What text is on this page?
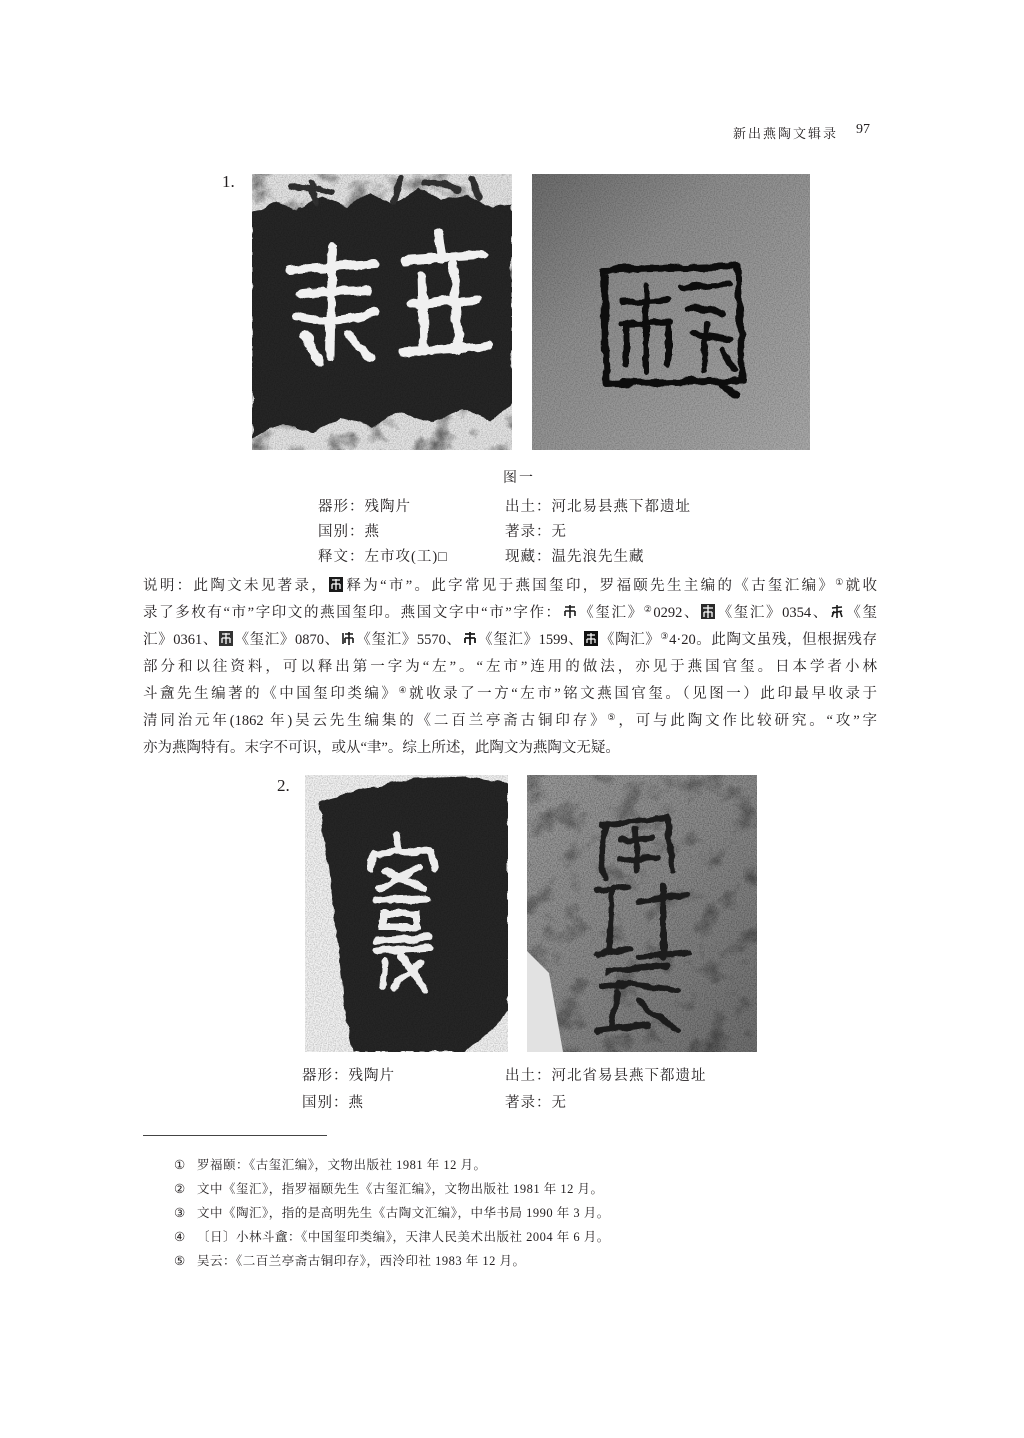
新出燕陶文辑录 97
1.
图一
器形：残陶片	出土：河北易县燕下都遗址
国别：燕	著录：无
释文：左市攻(工)□	现藏：温先浪先生藏
说明：此陶文未见著录， 释为“市”。此字常见于燕国玺印，罗福颐先生主编的《古玺汇编》①就收
录了多枚有“市”字印文的燕国玺印。燕国文字中“市”字作： 《玺汇》②0292、 《玺汇》0354、 《玺
汇》0361、 《玺汇》0870、 《玺汇》5570、 《玺汇》1599、 《陶汇》③4·20。此陶文虽残，但根据残存
部分和以往资料，可以释出第一字为“左”。“左市”连用的做法，亦见于燕国官玺。日本学者小林
斗盦先生编著的《中国玺印类编》④就收录了一方“左市”铭文燕国官玺。（见图一）此印最早收录于
清同治元年(1862 年)吴云先生编集的《二百兰亭斋古铜印存》⑤，可与此陶文作比较研究。“攻”字
亦为燕陶特有。末字不可识，或从“聿”。综上所述，此陶文为燕陶文无疑。
2.
器形：残陶片	出土：河北省易县燕下都遗址
国别：燕	著录：无
① 罗福颐：《古玺汇编》，文物出版社 1981 年 12 月。
② 文中《玺汇》，指罗福颐先生《古玺汇编》，文物出版社 1981 年 12 月。
③ 文中《陶汇》，指的是高明先生《古陶文汇编》，中华书局 1990 年 3 月。
④ 〔日〕小林斗盦：《中国玺印类编》，天津人民美术出版社 2004 年 6 月。
⑤ 吴云：《二百兰亭斋古铜印存》，西泠印社 1983 年 12 月。
